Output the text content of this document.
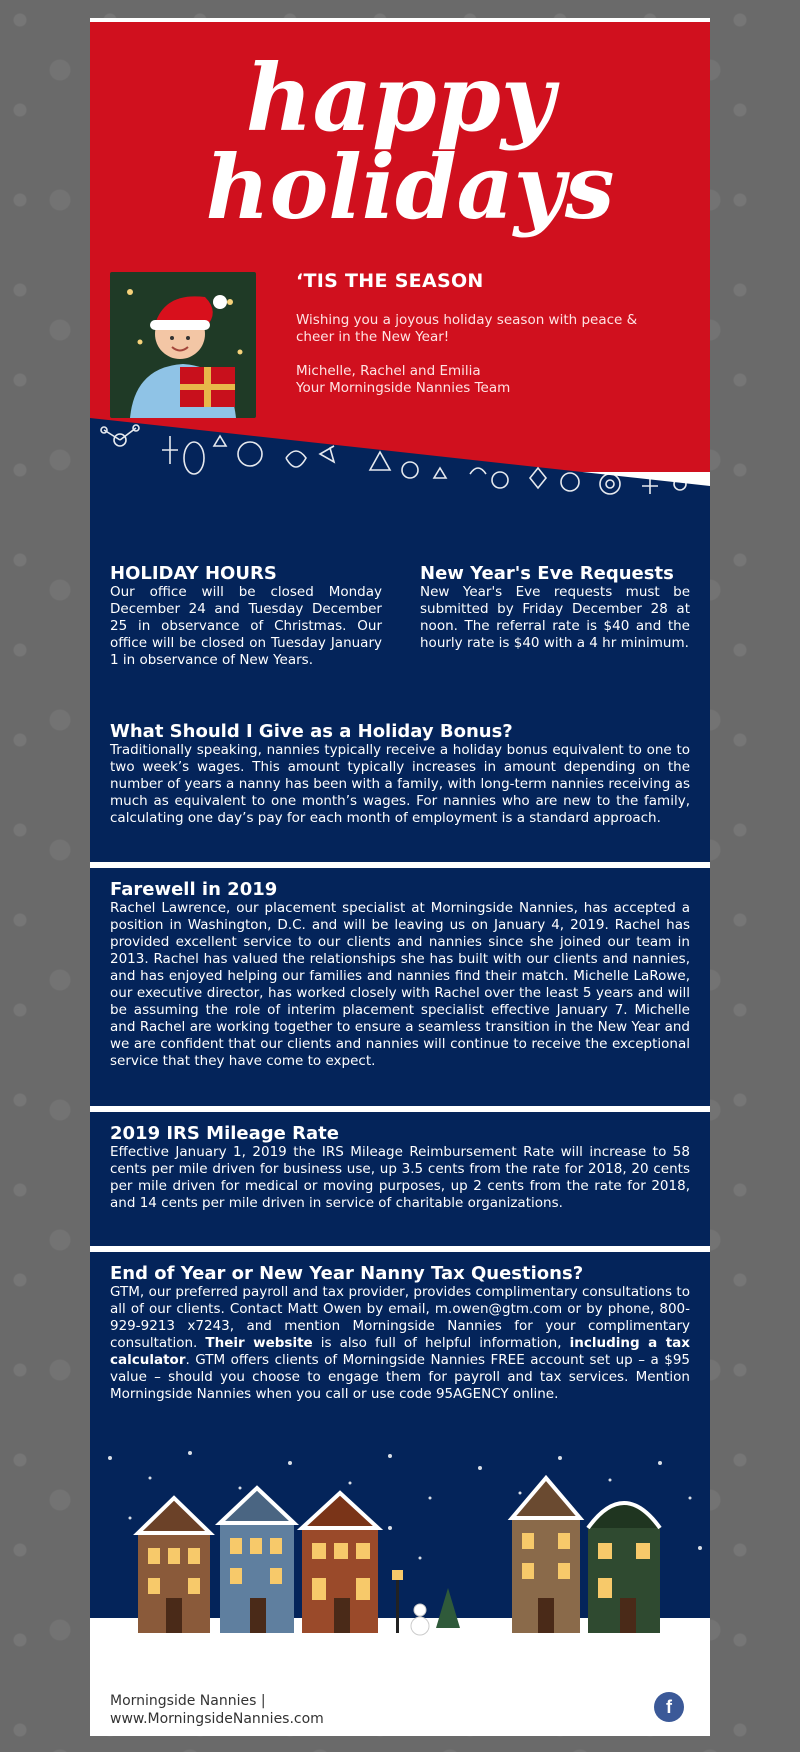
happy
holidays
‘TIS THE SEASON

Wishing you a joyous holiday season with peace & cheer in the New Year!

Michelle, Rachel and Emilia
Your Morningside Nannies Team
HOLIDAY HOURS
Our office will be closed Monday December 24 and Tuesday December 25 in observance of Christmas. Our office will be closed on Tuesday January 1 in observance of New Years.
New Year's Eve Requests
New Year's Eve requests must be submitted by Friday December 28 at noon. The referral rate is $40 and the hourly rate is $40 with a 4 hr minimum.
What Should I Give as a Holiday Bonus?
Traditionally speaking, nannies typically receive a holiday bonus equivalent to one to two week’s wages. This amount typically increases in amount depending on the number of years a nanny has been with a family, with long-term nannies receiving as much as equivalent to one month’s wages. For nannies who are new to the family, calculating one day’s pay for each month of employment is a standard approach.
Farewell in 2019
Rachel Lawrence, our placement specialist at Morningside Nannies, has accepted a position in Washington, D.C. and will be leaving us on January 4, 2019. Rachel has provided excellent service to our clients and nannies since she joined our team in 2013. Rachel has valued the relationships she has built with our clients and nannies, and has enjoyed helping our families and nannies find their match. Michelle LaRowe, our executive director, has worked closely with Rachel over the least 5 years and will be assuming the role of interim placement specialist effective January 7. Michelle and Rachel are working together to ensure a seamless transition in the New Year and we are confident that our clients and nannies will continue to receive the exceptional service that they have come to expect.
2019 IRS Mileage Rate
Effective January 1, 2019 the IRS Mileage Reimbursement Rate will increase to 58 cents per mile driven for business use, up 3.5 cents from the rate for 2018, 20 cents per mile driven for medical or moving purposes, up 2 cents from the rate for 2018, and 14 cents per mile driven in service of charitable organizations.
End of Year or New Year Nanny Tax Questions?
GTM, our preferred payroll and tax provider, provides complimentary consultations to all of our clients. Contact Matt Owen by email, m.owen@gtm.com or by phone, 800-929-9213 x7243, and mention Morningside Nannies for your complimentary consultation. Their website is also full of helpful information, including a tax calculator. GTM offers clients of Morningside Nannies FREE account set up – a $95 value – should you choose to engage them for payroll and tax services. Mention Morningside Nannies when you call or use code 95AGENCY online.
Morningside Nannies |
www.MorningsideNannies.com
f
